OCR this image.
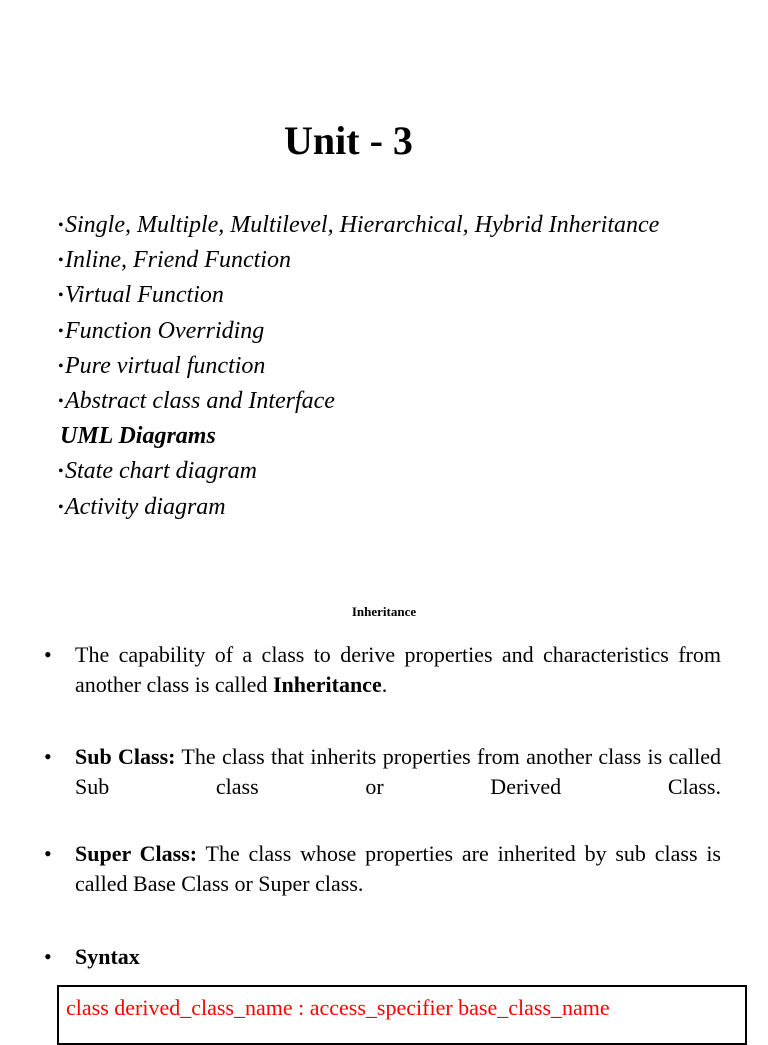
Unit - 3
•Single, Multiple, Multilevel, Hierarchical, Hybrid Inheritance
•Inline, Friend Function
•Virtual Function
•Function Overriding
•Pure virtual function
•Abstract class and Interface
UML Diagrams
•State chart diagram
•Activity diagram
Inheritance
• The capability of a class to derive properties and characteristics from another class is called Inheritance.
• Sub Class: The class that inherits properties from another class is called Sub class or Derived Class.
• Super Class: The class whose properties are inherited by sub class is called Base Class or Super class.
• Syntax
class derived_class_name : access_specifier base_class_name
